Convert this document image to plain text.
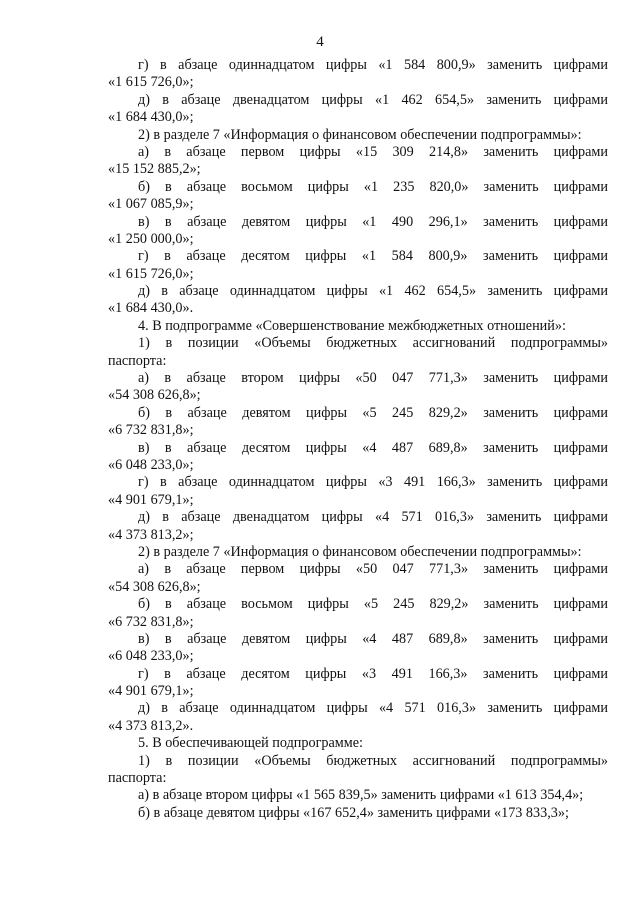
4
г) в абзаце одиннадцатом цифры «1 584 800,9» заменить цифрами
«1 615 726,0»;
д) в абзаце двенадцатом цифры «1 462 654,5» заменить цифрами
«1 684 430,0»;
2) в разделе 7 «Информация о финансовом обеспечении подпрограммы»:
а) в абзаце первом цифры «15 309 214,8» заменить цифрами
«15 152 885,2»;
б) в абзаце восьмом цифры «1 235 820,0» заменить цифрами
«1 067 085,9»;
в) в абзаце девятом цифры «1 490 296,1» заменить цифрами
«1 250 000,0»;
г) в абзаце десятом цифры «1 584 800,9» заменить цифрами
«1 615 726,0»;
д) в абзаце одиннадцатом цифры «1 462 654,5» заменить цифрами
«1 684 430,0».
4. В подпрограмме «Совершенствование межбюджетных отношений»:
1) в позиции «Объемы бюджетных ассигнований подпрограммы»
паспорта:
а) в абзаце втором цифры «50 047 771,3» заменить цифрами
«54 308 626,8»;
б) в абзаце девятом цифры «5 245 829,2» заменить цифрами
«6 732 831,8»;
в) в абзаце десятом цифры «4 487 689,8» заменить цифрами
«6 048 233,0»;
г) в абзаце одиннадцатом цифры «3 491 166,3» заменить цифрами
«4 901 679,1»;
д) в абзаце двенадцатом цифры «4 571 016,3» заменить цифрами
«4 373 813,2»;
2) в разделе 7 «Информация о финансовом обеспечении подпрограммы»:
а) в абзаце первом цифры «50 047 771,3» заменить цифрами
«54 308 626,8»;
б) в абзаце восьмом цифры «5 245 829,2» заменить цифрами
«6 732 831,8»;
в) в абзаце девятом цифры «4 487 689,8» заменить цифрами
«6 048 233,0»;
г) в абзаце десятом цифры «3 491 166,3» заменить цифрами
«4 901 679,1»;
д) в абзаце одиннадцатом цифры «4 571 016,3» заменить цифрами
«4 373 813,2».
5. В обеспечивающей подпрограмме:
1) в позиции «Объемы бюджетных ассигнований подпрограммы»
паспорта:
а) в абзаце втором цифры «1 565 839,5» заменить цифрами «1 613 354,4»;
б) в абзаце девятом цифры «167 652,4» заменить цифрами «173 833,3»;
